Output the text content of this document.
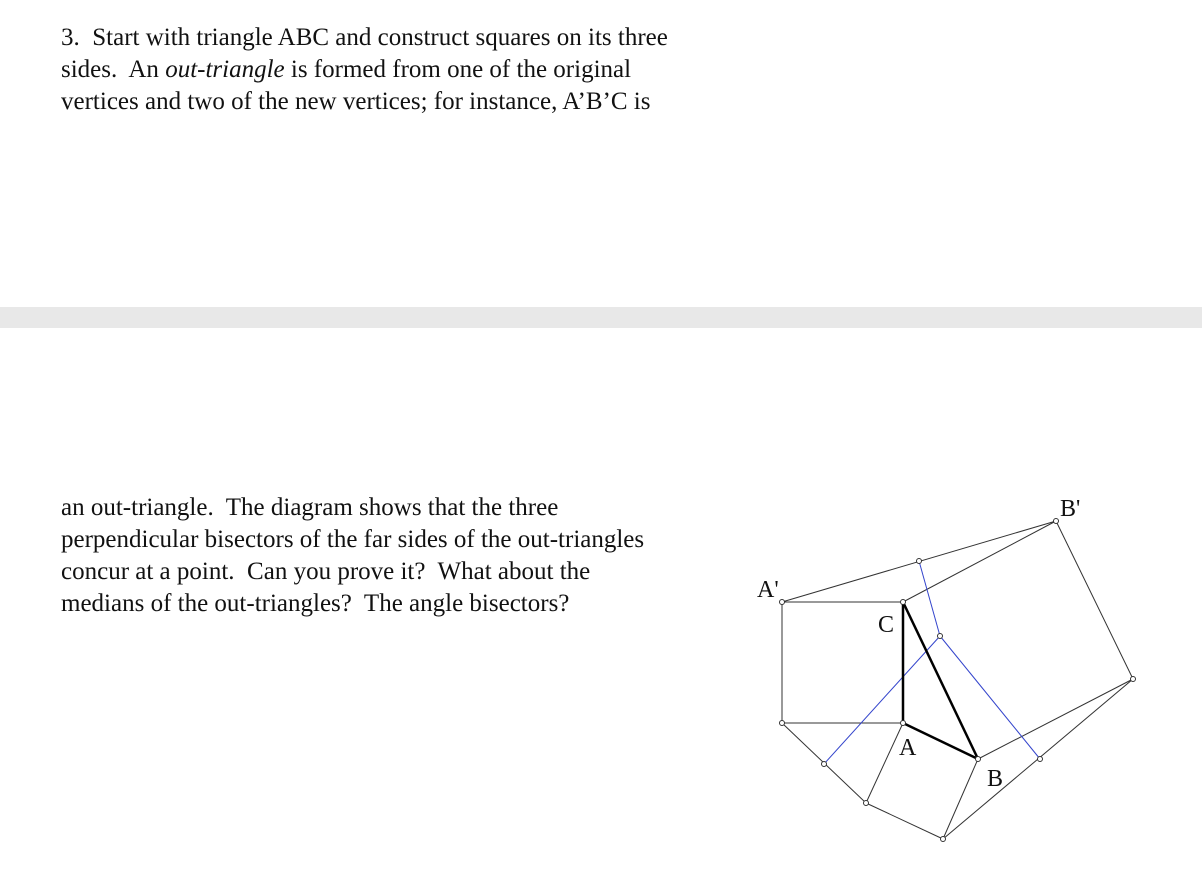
3. Start with triangle ABC and construct squares on its three
sides.  An out-triangle is formed from one of the original
vertices and two of the new vertices; for instance, A’B’C is
an out-triangle.  The diagram shows that the three
perpendicular bisectors of the far sides of the out-triangles
concur at a point.  Can you prove it?  What about the
medians of the out-triangles?  The angle bisectors?	A'
B'
C
A
B
